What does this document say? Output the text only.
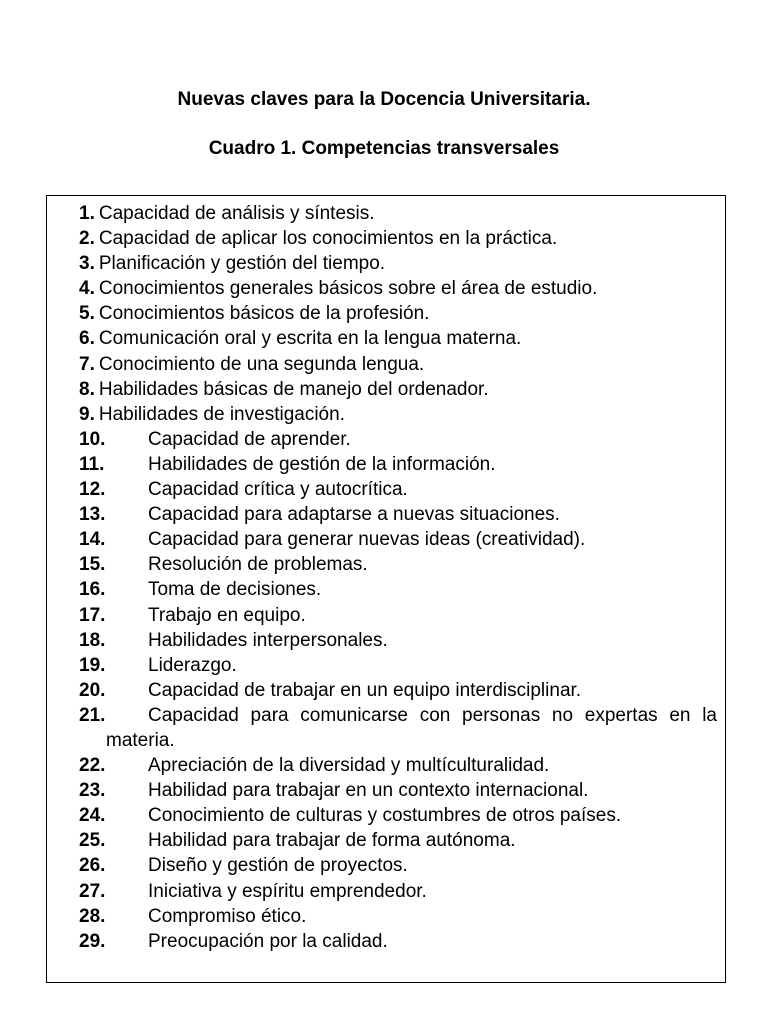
Nuevas claves para la Docencia Universitaria.
Cuadro 1. Competencias transversales
1. Capacidad de análisis y síntesis.
2. Capacidad de aplicar los conocimientos en la práctica.
3. Planificación y gestión del tiempo.
4. Conocimientos generales básicos sobre el área de estudio.
5. Conocimientos básicos de la profesión.
6. Comunicación oral y escrita en la lengua materna.
7. Conocimiento de una segunda lengua.
8. Habilidades básicas de manejo del ordenador.
9. Habilidades de investigación.
10. Capacidad de aprender.
11. Habilidades de gestión de la información.
12. Capacidad crítica y autocrítica.
13. Capacidad para adaptarse a nuevas situaciones.
14. Capacidad para generar nuevas ideas (creatividad).
15. Resolución de problemas.
16. Toma de decisiones.
17. Trabajo en equipo.
18. Habilidades interpersonales.
19. Liderazgo.
20. Capacidad de trabajar en un equipo interdisciplinar.
21. Capacidad para comunicarse con personas no expertas en la materia.
22. Apreciación de la diversidad y multículturalidad.
23. Habilidad para trabajar en un contexto internacional.
24. Conocimiento de culturas y costumbres de otros países.
25. Habilidad para trabajar de forma autónoma.
26. Diseño y gestión de proyectos.
27. Iniciativa y espíritu emprendedor.
28. Compromiso ético.
29. Preocupación por la calidad.
